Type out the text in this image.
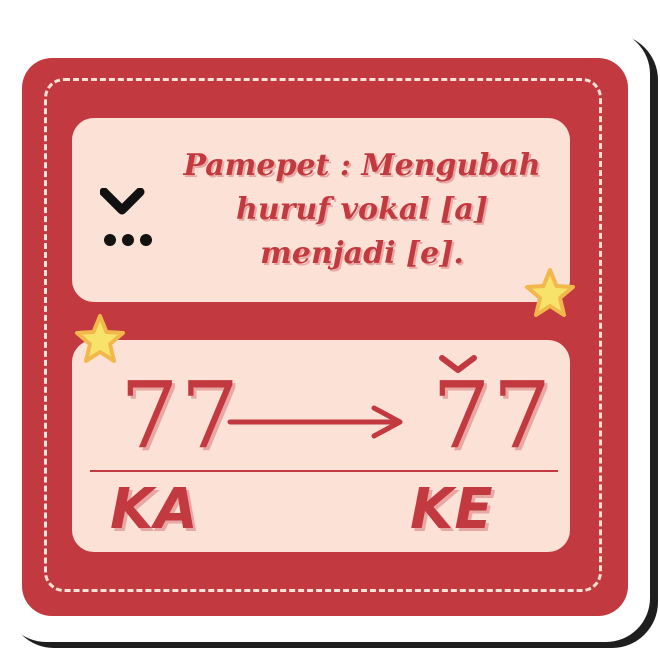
Pamepet : Mengubah
huruf vokal [a]
menjadi [e].

77 77

KA	KE
